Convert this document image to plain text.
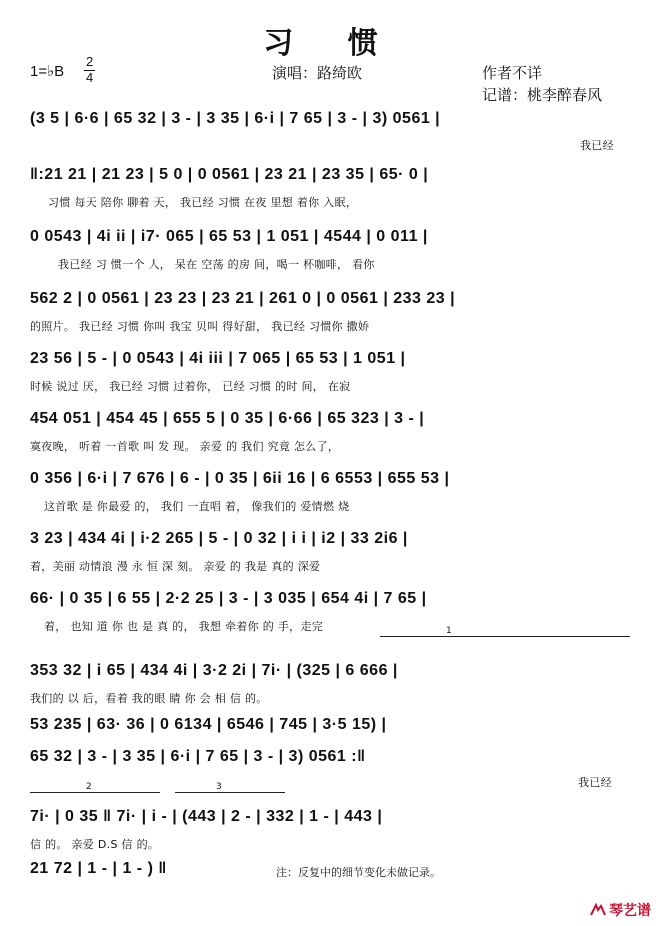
习 惯
1=♭B
2
4	演唱：路绮欧	作者不详
记谱：桃李醉春风
(3 5 | 6·6 | 65 32 | 3 - | 3 35 | 6·i | 7 65 | 3 - | 3) 0561 |
我已经
‖:21 21 | 21 23 | 5 0 | 0 0561 | 23 21 | 23 35 | 65· 0 |
习惯 每天 陪你 聊着 天， 我已经 习惯 在夜 里想 着你 入眠，
0 0543 | 4i ii | i7· 065 | 65 53 | 1 051 | 4544 | 0 011 |
我已经 习 惯一个 人， 呆在 空荡 的房 间，喝一 杯咖啡， 看你
562 2 | 0 0561 | 23 23 | 23 21 | 261 0 | 0 0561 | 233 23 |
的照片。 我已经 习惯 你叫 我宝 贝叫 得好甜， 我已经 习惯你 撒娇
23 56 | 5 - | 0 0543 | 4i iii | 7 065 | 65 53 | 1 051 |
时候 说过 厌， 我已经 习惯 过着你， 已经 习惯 的时 间， 在寂
454 051 | 454 45 | 655 5 | 0 35 | 6·66 | 65 323 | 3 - |
寞夜晚， 听着 一首歌 叫 发 现。 亲爱 的 我们 究竟 怎么了，
0 356 | 6·i | 7 676 | 6 - | 0 35 | 6ii 16 | 6 6553 | 655 53 |
这首歌 是 你最爱 的， 我们 一直唱 着， 像我们的 爱情燃 烧
3 23 | 434 4i | i·2 265 | 5 - | 0 32 | i i | i2 | 33 2i6 |
着，美丽 动情浪 漫 永 恒 深 刻。 亲爱 的 我是 真的 深爱
66· | 0 35 | 6 55 | 2·2 25 | 3 - | 3 035 | 654 4i | 7 65 |
着， 也知 道 你 也 是 真 的， 我想 牵着你 的 手，走完	1
353 32 | i 65 | 434 4i | 3·2 2i | 7i· | (325 | 6 666 |
我们的 以 后，看着 我的眼 睛 你 会 相 信 的。
53 235 | 63· 36 | 0 6134 | 6546 | 745 | 3·5 15) |
65 32 | 3 - | 3 35 | 6·i | 7 65 | 3 - | 3) 0561 :‖
我已经
2	3
7i· | 0 35 ‖ 7i· | i - | (443 | 2 - | 332 | 1 - | 443 |
信 的。 亲爱 D.S 信 的。
21 72 | 1 - | 1 - ) ‖	注：反复中的细节变化未做记录。
琴艺谱
